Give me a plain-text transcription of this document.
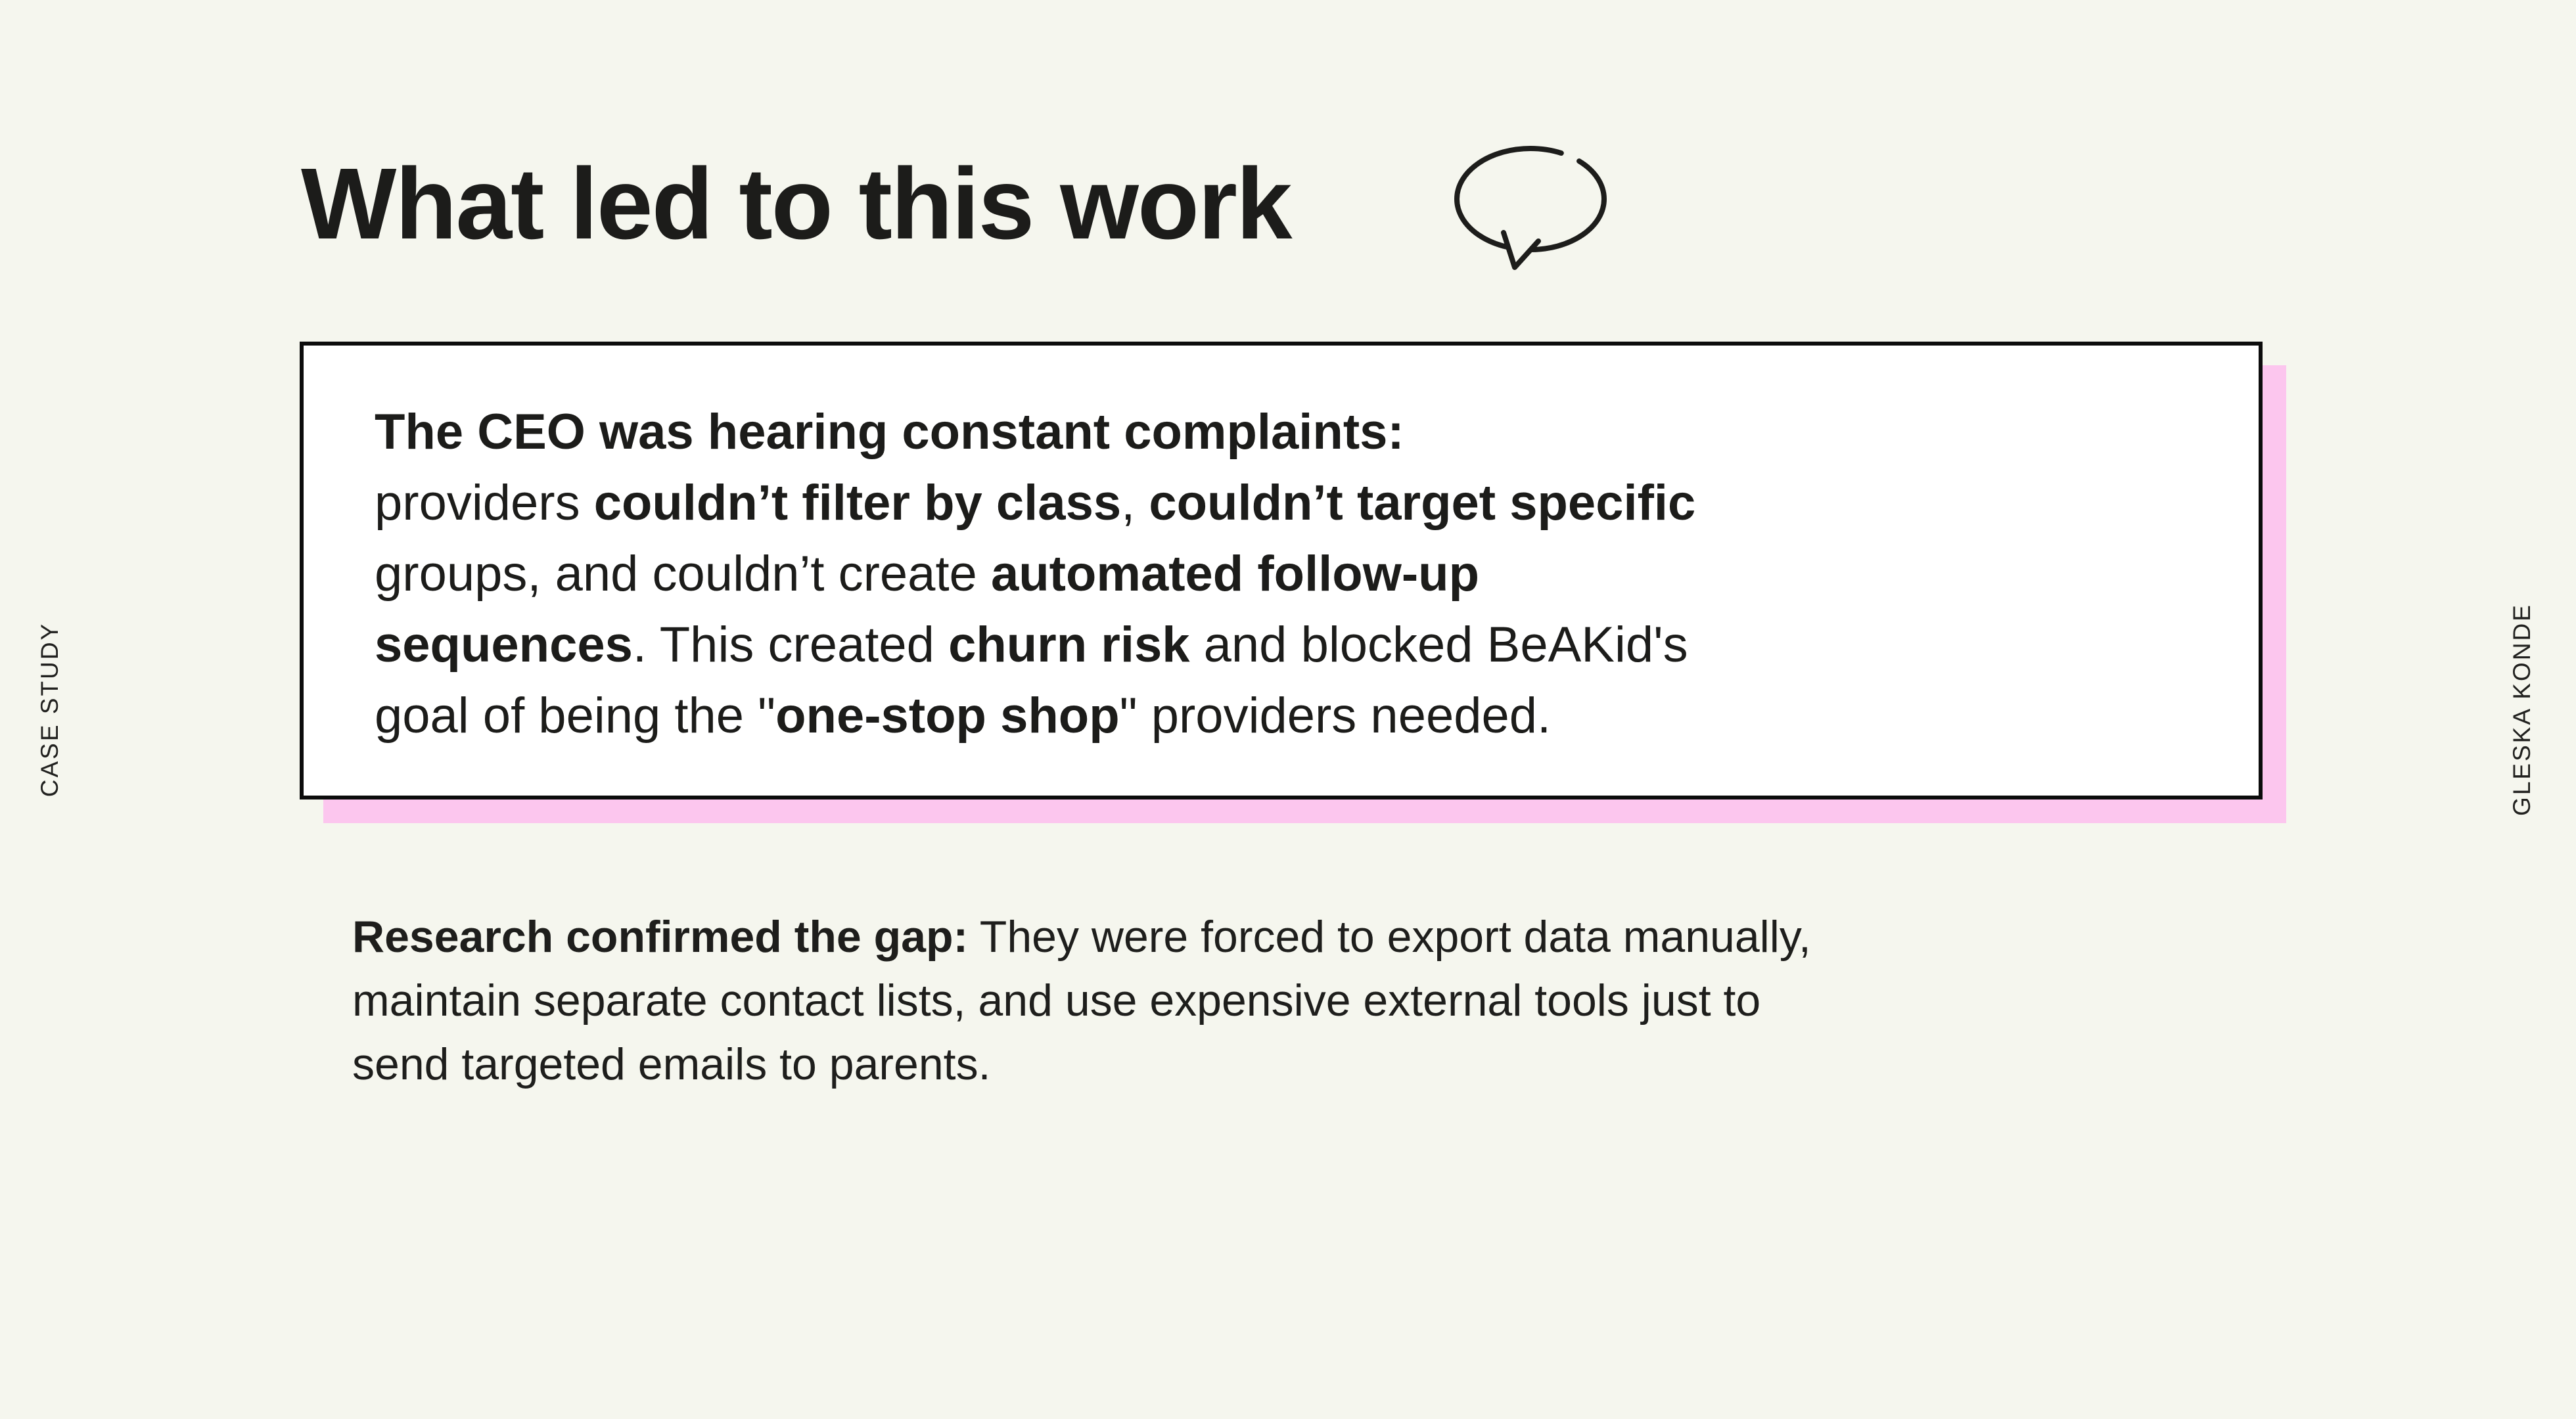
CASE STUDY	GLESKA KONDE
What led to this work

The CEO was hearing constant complaints:

providers couldn’t filter by class, couldn’t target specific

groups, and couldn’t create automated follow-up

sequences. This created churn risk and blocked BeAKid's

goal of being the "one-stop shop" providers needed.

Research confirmed the gap: They were forced to export data manually,

maintain separate contact lists, and use expensive external tools just to

send targeted emails to parents.
